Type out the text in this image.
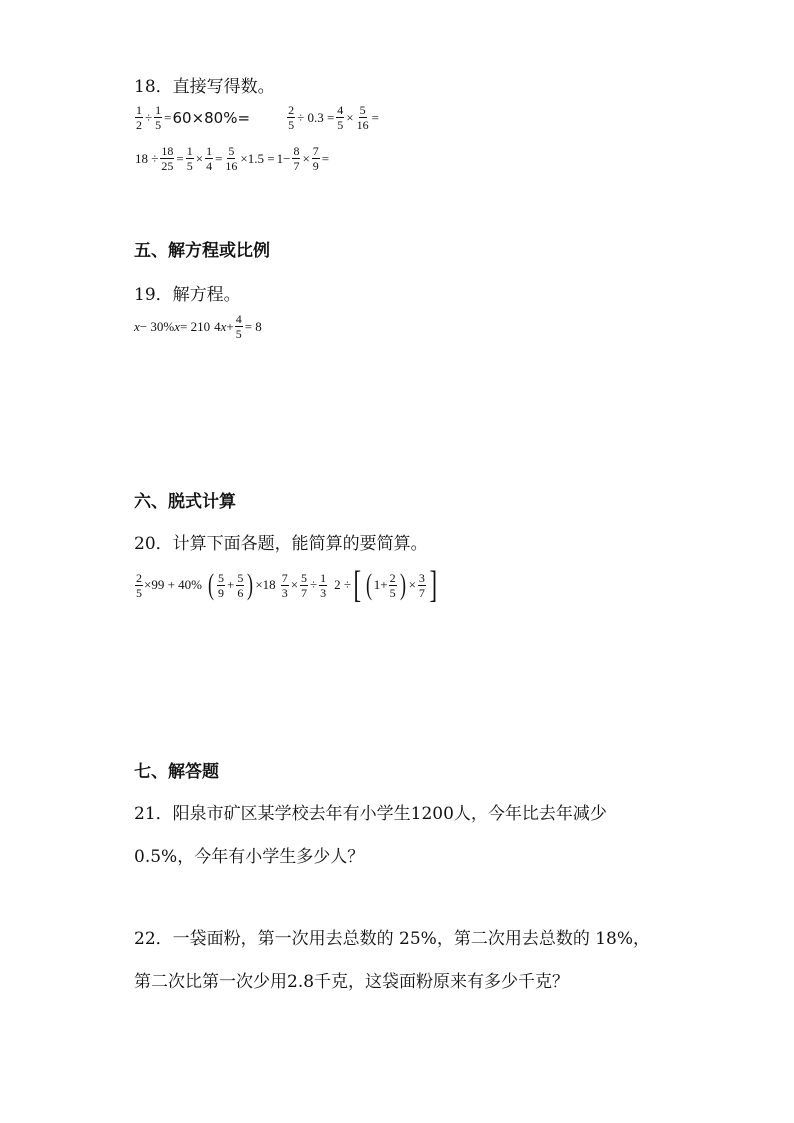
18．直接写得数。
$\frac{1}{2} \div \frac{1}{5} = 60\times 80\%=$	$\frac{2}{5} \div 0.3 = \frac{4}{5} \times \frac{5}{16}$ =
$18 \div \frac{18}{25} = \frac{1}{5} \times \frac{1}{4} = \frac{5}{16} \times 1.5 = 1- \frac{8}{7} \times \frac{7}{9}$ =
五、解方程或比例
19．解方程。
x − 30% x = 210 4 $x + \frac{4}{5} = 8$
六、脱式计算
20．计算下面各题，能简算的要简算。
$\frac{2}{5} \times 99 + 40\%$ ( $\frac{5}{9} + \frac{5}{6}$ ) $\times 18 \frac{7}{3} \times \frac{5}{7} \div \frac{1}{3} 2$ ÷ [ ( $1+ \frac{2}{5}$ ) × $\frac{3}{7}$ ]
七、解答题
21．阳泉市矿区某学校去年有小学生1200人，今年比去年减少
0.5%，今年有小学生多少人？
22．一袋面粉，第一次用去总数的 25%，第二次用去总数的 18%，
第二次比第一次少用2.8千克，这袋面粉原来有多少千克？
